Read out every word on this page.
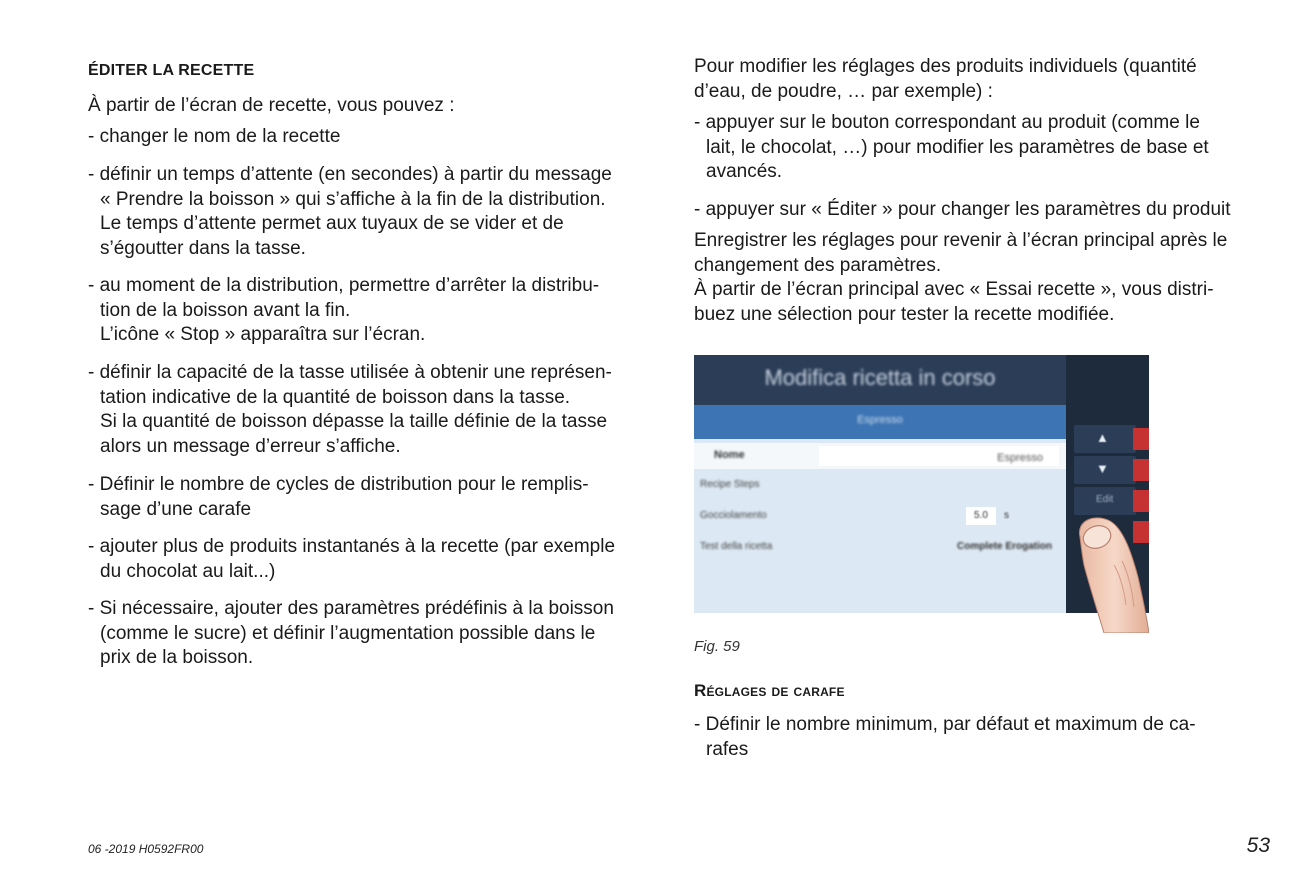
ÉDITER LA RECETTE
À partir de l’écran de recette, vous pouvez :
- changer le nom de la recette
- définir un temps d’attente (en secondes) à partir du message
« Prendre la boisson » qui s’affiche à la fin de la distribution.
Le temps d’attente permet aux tuyaux de se vider et de
s’égoutter dans la tasse.
- au moment de la distribution, permettre d’arrêter la distribu-
tion de la boisson avant la fin.
L’icône « Stop » apparaîtra sur l’écran.
- définir la capacité de la tasse utilisée à obtenir une représen-
tation indicative de la quantité de boisson dans la tasse.
Si la quantité de boisson dépasse la taille définie de la tasse
alors un message d’erreur s’affiche.
- Définir le nombre de cycles de distribution pour le remplis-
sage d’une carafe
- ajouter plus de produits instantanés à la recette (par exemple
du chocolat au lait...)
- Si nécessaire, ajouter des paramètres prédéfinis à la boisson
(comme le sucre) et définir l’augmentation possible dans le
prix de la boisson.
Pour modifier les réglages des produits individuels (quantité
d’eau, de poudre, … par exemple) :
- appuyer sur le bouton correspondant au produit (comme le
lait, le chocolat, …) pour modifier les paramètres de base et
avancés.
- appuyer sur « Éditer » pour changer les paramètres du produit
Enregistrer les réglages pour revenir à l’écran principal après le
changement des paramètres.
À partir de l’écran principal avec « Essai recette », vous distri-
buez une sélection pour tester la recette modifiée.
Modifica ricetta in corso
Espresso
Nome	Espresso
Recipe Steps
Gocciolamento	5.0 s
Test della ricetta	Complete Erogation
▲
▼
Edit
Fig. 59
Réglages de carafe
- Définir le nombre minimum, par défaut et maximum de ca-
rafes
06 -2019 H0592FR00	53
